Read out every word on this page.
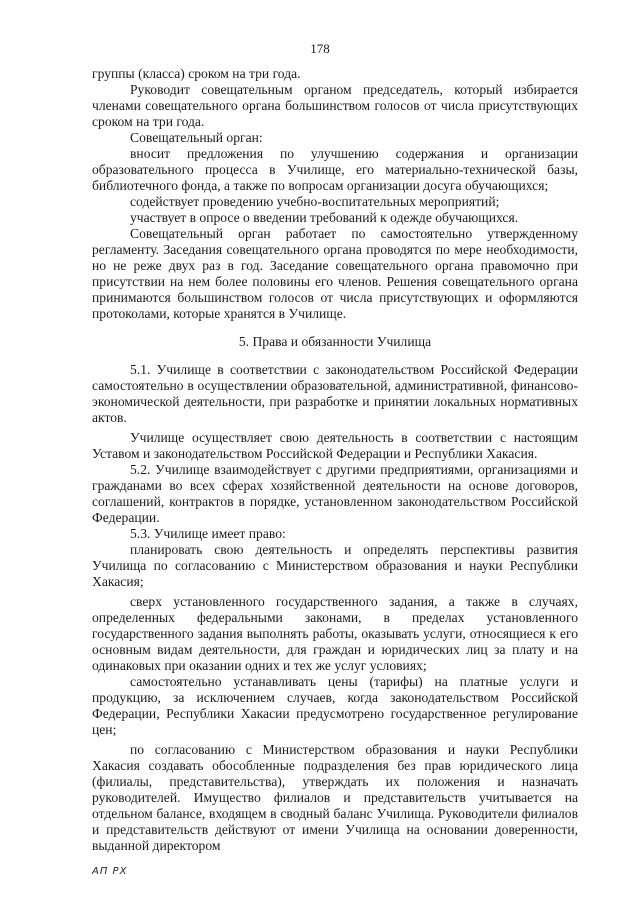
178

группы (класса) сроком на три года.

Руководит совещательным органом председатель, который избирается членами совещательного органа большинством голосов от числа присутствующих сроком на три года.

Совещательный орган:

вносит предложения по улучшению содержания и организации образовательного процесса в Училище, его материально-технической базы, библиотечного фонда, а также по вопросам организации досуга обучающихся;

содействует проведению учебно-воспитательных мероприятий;

участвует в опросе о введении требований к одежде обучающихся.

Совещательный орган работает по самостоятельно утвержденному регламенту. Заседания совещательного органа проводятся по мере необходимости, но не реже двух раз в год. Заседание совещательного органа правомочно при присутствии на нем более половины его членов. Решения совещательного органа принимаются большинством голосов от числа присутствующих и оформляются протоколами, которые хранятся в Училище.

5. Права и обязанности Училища

5.1. Училище в соответствии с законодательством Российской Федерации самостоятельно в осуществлении образовательной, административной, финансово-экономической деятельности, при разработке и принятии локальных нормативных актов.

Училище осуществляет свою деятельность в соответствии с настоящим Уставом и законодательством Российской Федерации и Республики Хакасия.

5.2. Училище взаимодействует с другими предприятиями, организациями и гражданами во всех сферах хозяйственной деятельности на основе договоров, соглашений, контрактов в порядке, установленном законодательством Российской Федерации.

5.3. Училище имеет право:

планировать свою деятельность и определять перспективы развития Училища по согласованию с Министерством образования и науки Республики Хакасия;

сверх установленного государственного задания, а также в случаях, определенных федеральными законами, в пределах установленного государственного задания выполнять работы, оказывать услуги, относящиеся к его основным видам деятельности, для граждан и юридических лиц за плату и на одинаковых при оказании одних и тех же услуг условиях;

самостоятельно устанавливать цены (тарифы) на платные услуги и продукцию, за исключением случаев, когда законодательством Российской Федерации, Республики Хакасии предусмотрено государственное регулирование цен;

по согласованию с Министерством образования и науки Республики Хакасия создавать обособленные подразделения без прав юридического лица (филиалы, представительства), утверждать их положения и назначать руководителей. Имущество филиалов и представительств учитывается на отдельном балансе, входящем в сводный баланс Училища. Руководители филиалов и представительств действуют от имени Училища на основании доверенности, выданной директором

АП РХ
